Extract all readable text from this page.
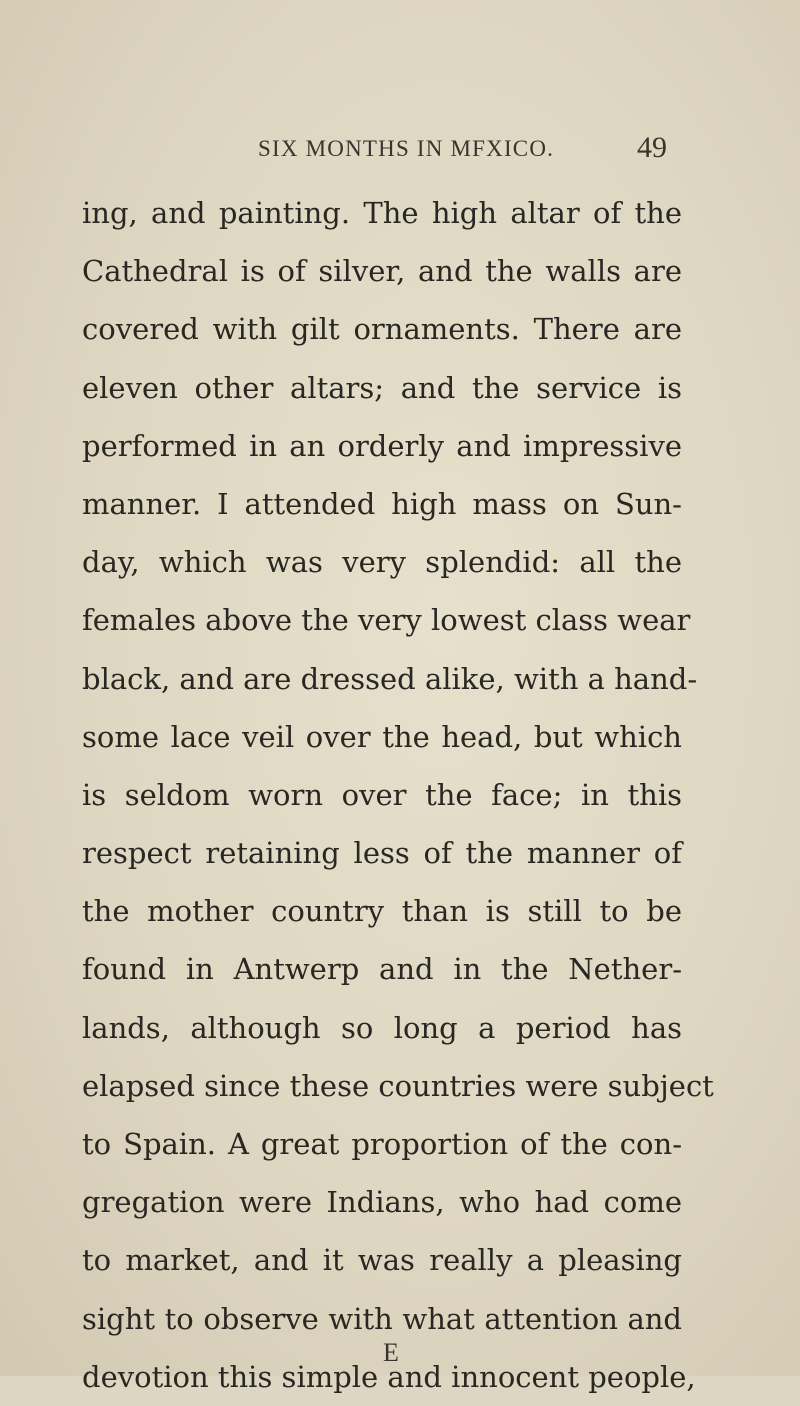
SIX MONTHS IN MFXICO.	49
ing, and painting. The high altar of the
Cathedral is of silver, and the walls are
covered with gilt ornaments. There are
eleven other altars; and the service is
performed in an orderly and impressive
manner. I attended high mass on Sun-
day, which was very splendid: all the
females above the very lowest class wear
black, and are dressed alike, with a hand-
some lace veil over the head, but which
is seldom worn over the face; in this
respect retaining less of the manner of
the mother country than is still to be
found in Antwerp and in the Nether-
lands, although so long a period has
elapsed since these countries were subject
to Spain. A great proportion of the con-
gregation were Indians, who had come
to market, and it was really a pleasing
sight to observe with what attention and
devotion this simple and innocent people,
E
